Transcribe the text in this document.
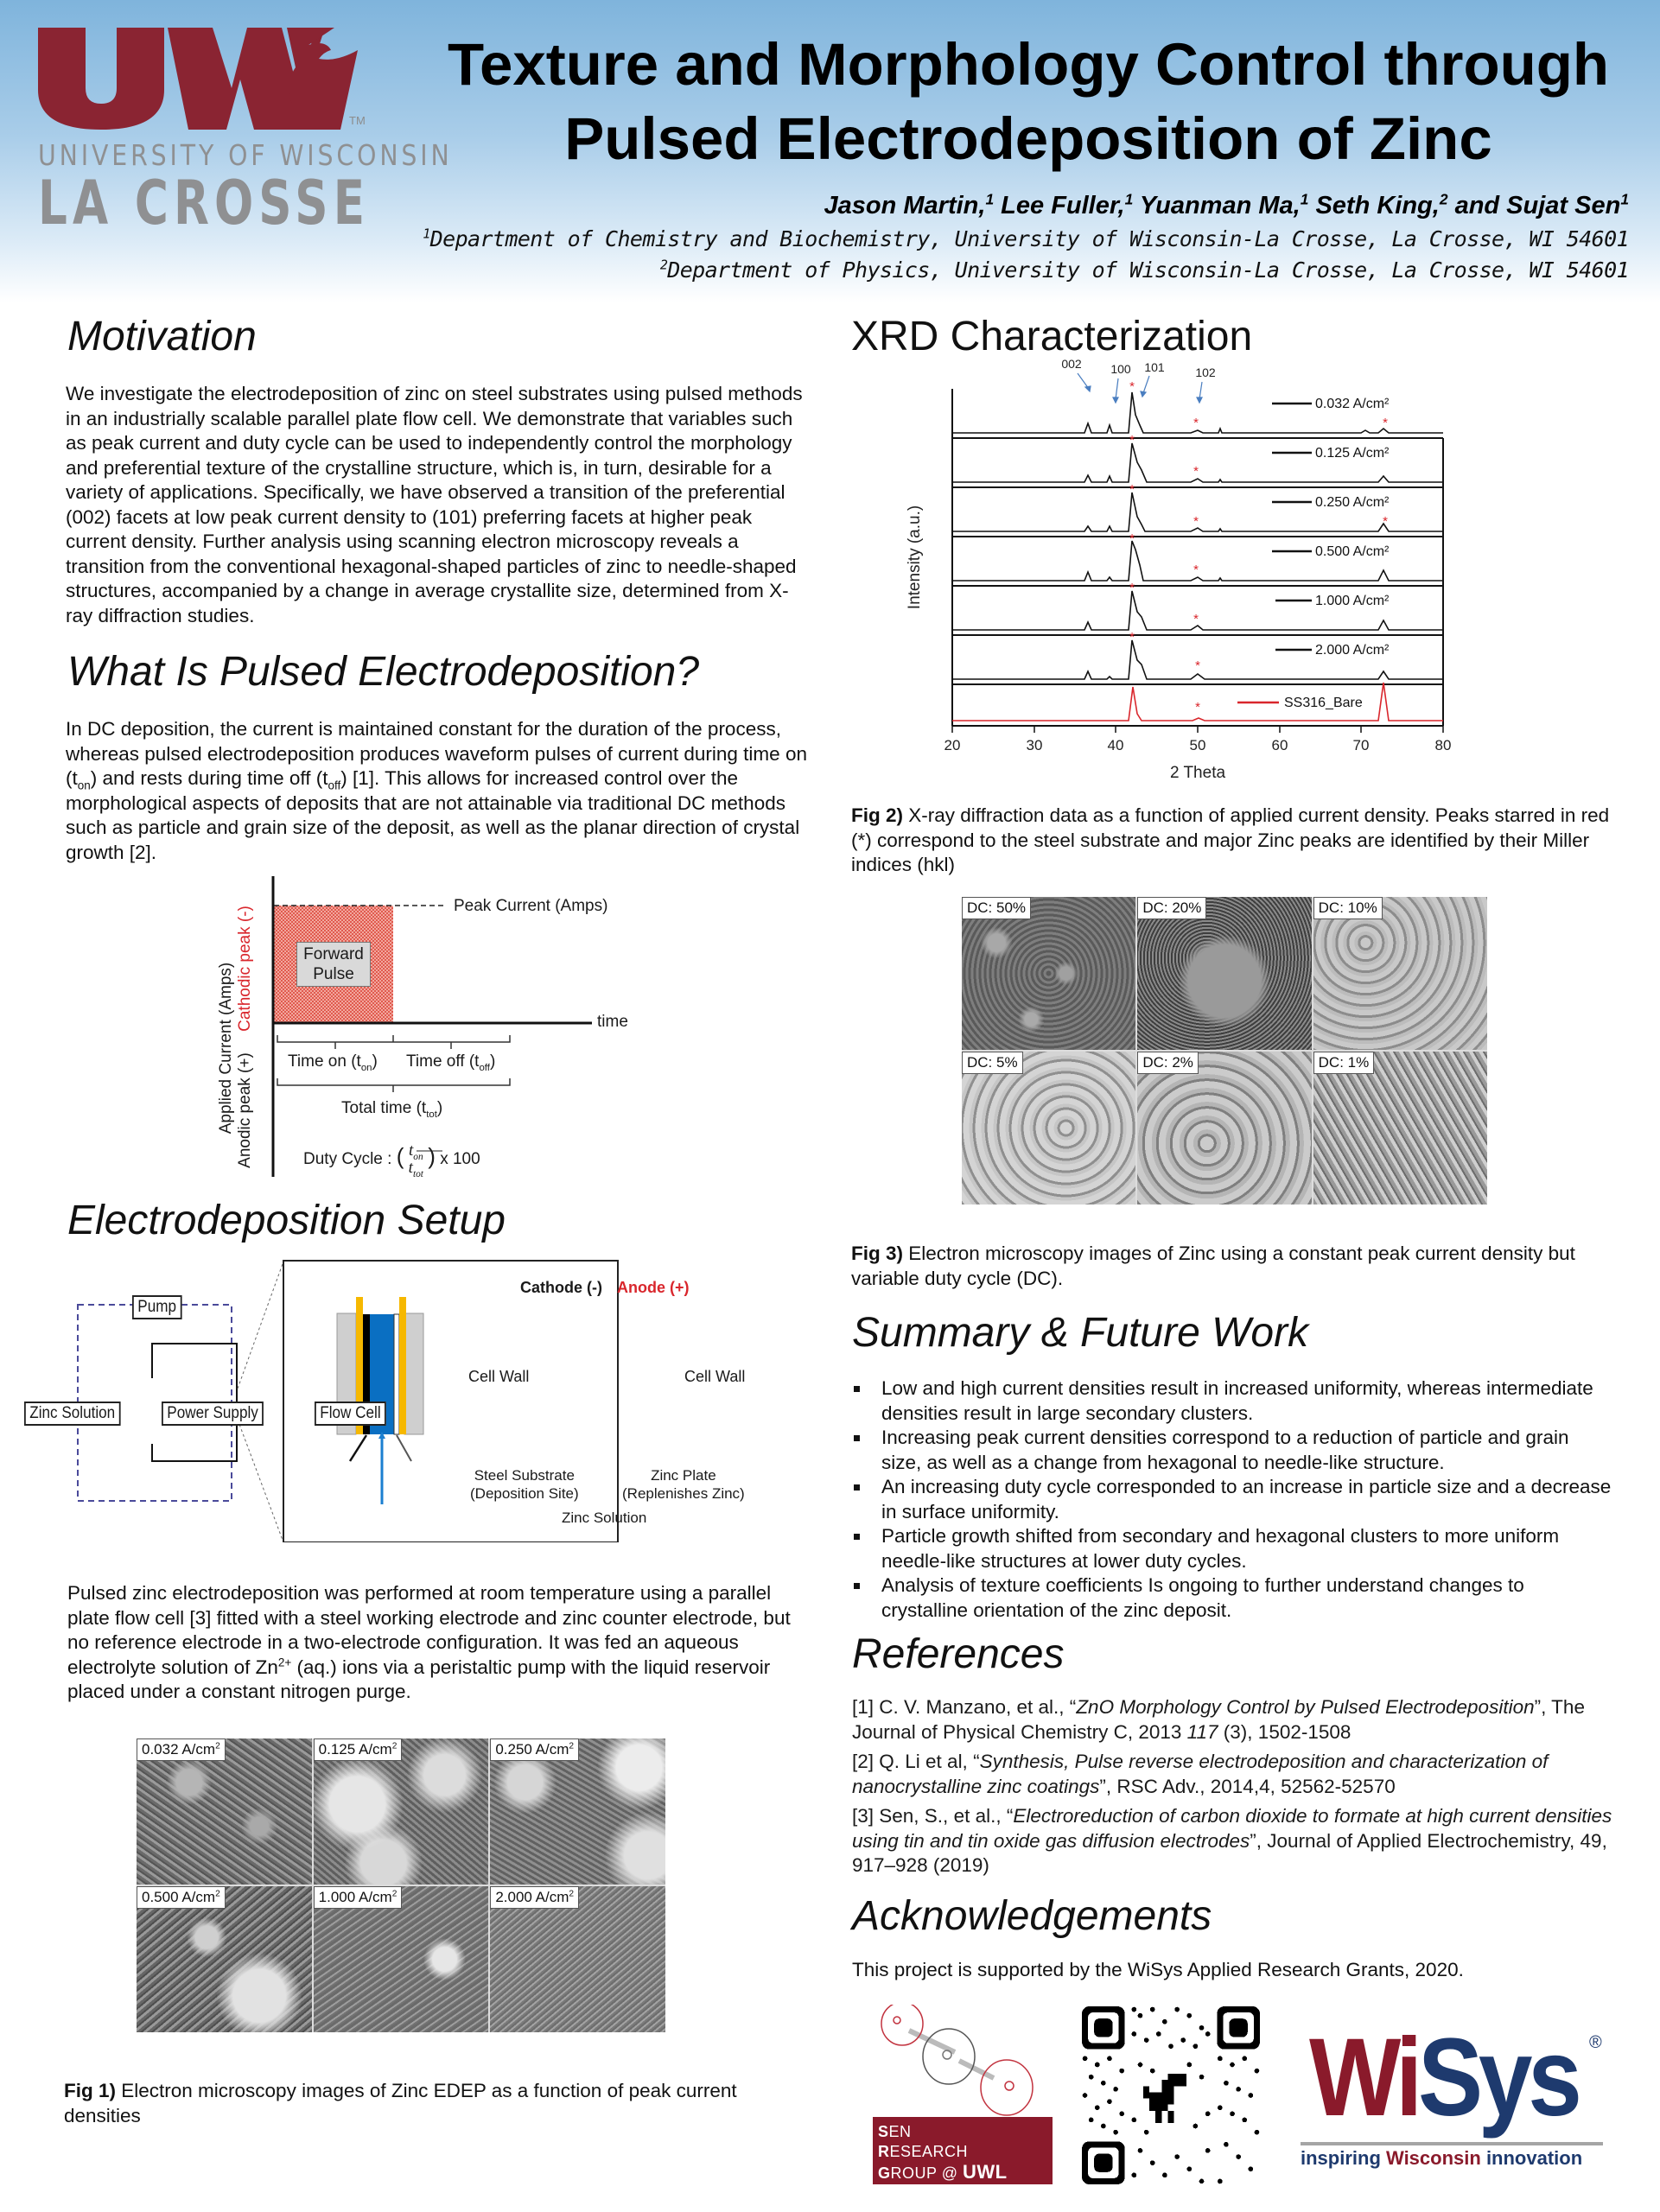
TM
UNIVERSITY OF WISCONSIN
LA CROSSE
Texture and Morphology Control through
Pulsed Electrodeposition of Zinc
Jason Martin,$^1$ Lee Fuller,$^1$ Yuanman Ma,$^1$ Seth King,$^2$ and Sujat Sen$^1$
$^1$Department of Chemistry and Biochemistry, University of Wisconsin-La Crosse, La Crosse, WI 54601
$^2$Department of Physics, University of Wisconsin-La Crosse, La Crosse, WI 54601
Motivation

We investigate the electrodeposition of zinc on steel substrates using pulsed methods in an industrially scalable parallel plate flow cell. We demonstrate that variables such as peak current and duty cycle can be used to independently control the morphology and preferential texture of the crystalline structure, which is, in turn, desirable for a variety of applications. Specifically, we have observed a transition of the preferential (002) facets at low peak current density to (101) preferring facets at higher peak current density. Further analysis using scanning electron microscopy reveals a transition from the conventional hexagonal-shaped particles of zinc to needle-shaped structures, accompanied by a change in average crystallite size, determined from X-ray diffraction studies.

What Is Pulsed Electrodeposition?

In DC deposition, the current is maintained constant for the duration of the process, whereas pulsed electrodeposition produces waveform pulses of current during time on $(t_{on})$ and rests during time off $(t_{off})$ [1]. This allows for increased control over the morphological aspects of deposits that are not attainable via traditional DC methods such as particle and grain size of the deposit, as well as the planar direction of crystal growth [2].

Forward
Pulse
Peak Current (Amps)
time
Applied Current (Amps) Cathodic peak (-)
Anodic peak (+) Time on $(t_{on})$ Time off $(t_{off})$
Total time $(t_{tot})$
Duty Cycle : ( $t_{on}$
$t_{tot}$
) x 100
Electrodeposition Setup
Pump
Zinc Solution	Power Supply	Flow Cell
Cathode (-) Anode (+)
Cell Wall	Cell Wall
Steel Substrate
(Deposition Site)
Zinc Plate
(Replenishes Zinc)
Zinc Solution

Pulsed zinc electrodeposition was performed at room temperature using a parallel plate flow cell [3] fitted with a steel working electrode and zinc counter electrode, but no reference electrode in a two-electrode configuration. It was fed an aqueous electrolyte solution of $Zn^{2+}$ (aq.) ions via a peristaltic pump with the liquid reservoir placed under a constant nitrogen purge.

0.032 $A/cm^2$	0.125 $A/cm^2$	0.250 $A/cm^2$
0.500 $A/cm^2$	1.000 $A/cm^2$	2.000 $A/cm^2$

Fig 1) Electron microscopy images of Zinc EDEP as a function of peak current densities

XRD Characterization
20	30	40	50	60	70	80
2 Theta
Intensity (a.u.)
*
*	*
*
*
*
*	*
*
*
*
*
*
*
*
002 100 101	102
0.032 A/cm²
0.125 A/cm²
0.250 A/cm²
0.500 A/cm²
1.000 A/cm²
2.000 A/cm²
SS316_Bare

Fig 2) X-ray diffraction data as a function of applied current density. Peaks starred in red (*) correspond to the steel substrate and major Zinc peaks are identified by their Miller indices (hkl)

DC: 50%	DC: 20%	DC: 10%
DC: 5%	DC: 2%	DC: 1%

Fig 3) Electron microscopy images of Zinc using a constant peak current density but variable duty cycle (DC).

Summary & Future Work
Low and high current densities result in increased uniformity, whereas intermediate densities result in large secondary clusters.
Increasing peak current densities correspond to a reduction of particle and grain size, as well as a change from hexagonal to needle-like structure.
An increasing duty cycle corresponded to an increase in particle size and a decrease in surface uniformity.
Particle growth shifted from secondary and hexagonal clusters to more uniform needle-like structures at lower duty cycles.
Analysis of texture coefficients Is ongoing to further understand changes to crystalline orientation of the zinc deposit.
References

[1] C. V. Manzano, et al., “ZnO Morphology Control by Pulsed Electrodeposition”, The Journal of Physical Chemistry C, 2013 117 (3), 1502-1508

[2] Q. Li et al, “Synthesis, Pulse reverse electrodeposition and characterization of nanocrystalline zinc coatings”, RSC Adv., 2014,4, 52562-52570

[3] Sen, S., et al., “Electroreduction of carbon dioxide to formate at high current densities using tin and tin oxide gas diffusion electrodes”, Journal of Applied Electrochemistry, 49, 917–928 (2019)

Acknowledgements

This project is supported by the WiSys Applied Research Grants, 2020.

SEN
RESEARCH
GROUP @ UWL
WiSys ®
inspiring Wisconsin innovation
